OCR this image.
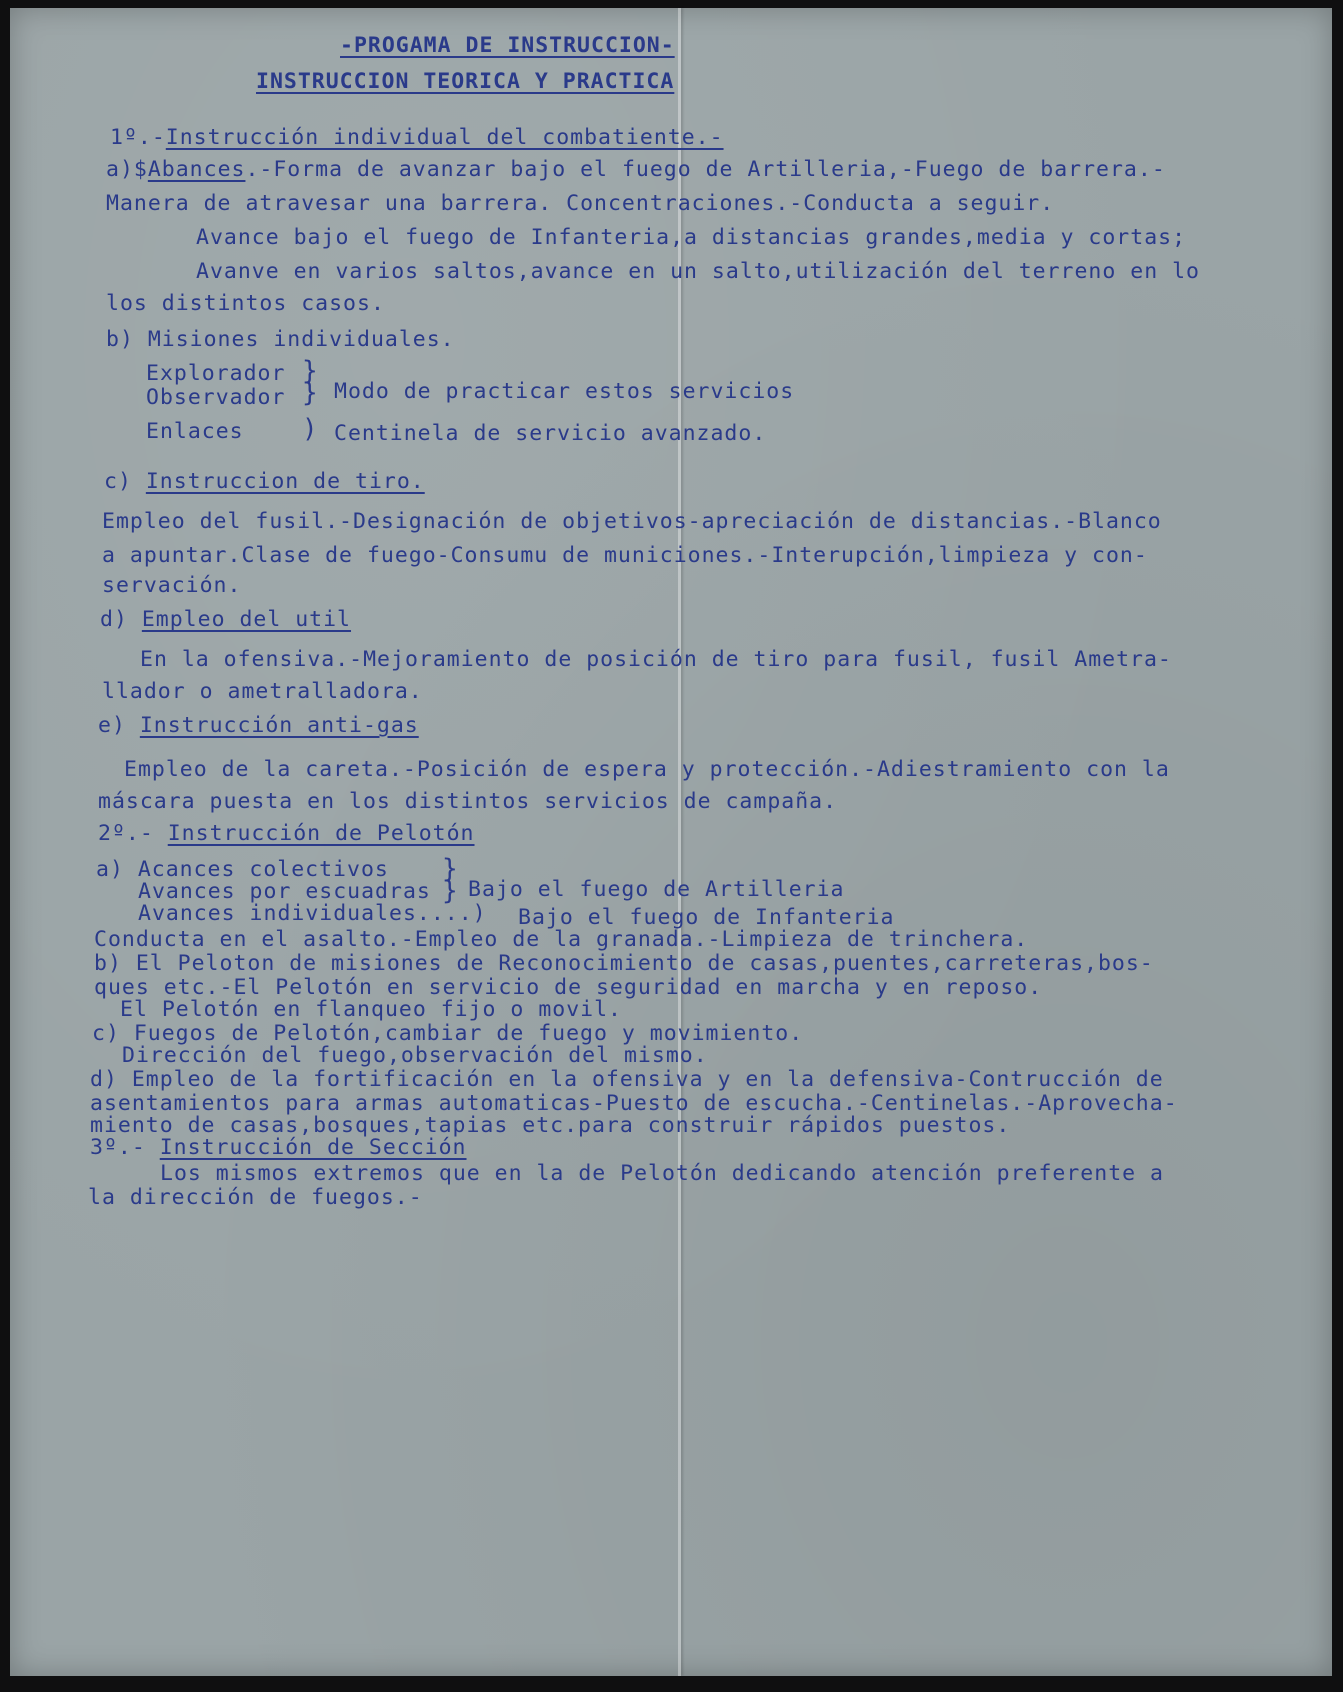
-PROGAMA DE INSTRUCCION-

INSTRUCCION TEORICA Y PRACTICA

1º.-Instrucción individual del combatiente.-

a)$Abances.-Forma de avanzar bajo el fuego de Artilleria,-Fuego de barrera.-

Manera de atravesar una barrera. Concentraciones.-Conducta a seguir.

Avance bajo el fuego de Infanteria,a distancias grandes,media y cortas;

Avanve en varios saltos,avance en un salto,utilización del terreno en lo

los distintos casos.

b) Misiones individuales.

Explorador

Observador

Enlaces

}
}
)

Modo de practicar estos servicios

Centinela de servicio avanzado.

c) Instruccion de tiro.

Empleo del fusil.-Designación de objetivos-apreciación de distancias.-Blanco

a apuntar.Clase de fuego-Consumu de municiones.-Interupción,limpieza y con-

servación.

d) Empleo del util

En la ofensiva.-Mejoramiento de posición de tiro para fusil, fusil Ametra-

llador o ametralladora.

e) Instrucción anti-gas

Empleo de la careta.-Posición de espera y protección.-Adiestramiento con la

máscara puesta en los distintos servicios de campaña.

2º.- Instrucción de Pelotón

a) Acances colectivos

Avances por escuadras

Avances individuales....)

}
} Bajo el fuego de Artilleria

Bajo el fuego de Infanteria

Conducta en el asalto.-Empleo de la granada.-Limpieza de trinchera.

b) El Peloton de misiones de Reconocimiento de casas,puentes,carreteras,bos-

ques etc.-El Pelotón en servicio de seguridad en marcha y en reposo.

El Pelotón en flanqueo fijo o movil.

c) Fuegos de Pelotón,cambiar de fuego y movimiento.

Dirección del fuego,observación del mismo.

d) Empleo de la fortificación en la ofensiva y en la defensiva-Contrucción de

asentamientos para armas automaticas-Puesto de escucha.-Centinelas.-Aprovecha-

miento de casas,bosques,tapias etc.para construir rápidos puestos.

3º.- Instrucción de Sección

Los mismos extremos que en la de Pelotón dedicando atención preferente a

la dirección de fuegos.-
